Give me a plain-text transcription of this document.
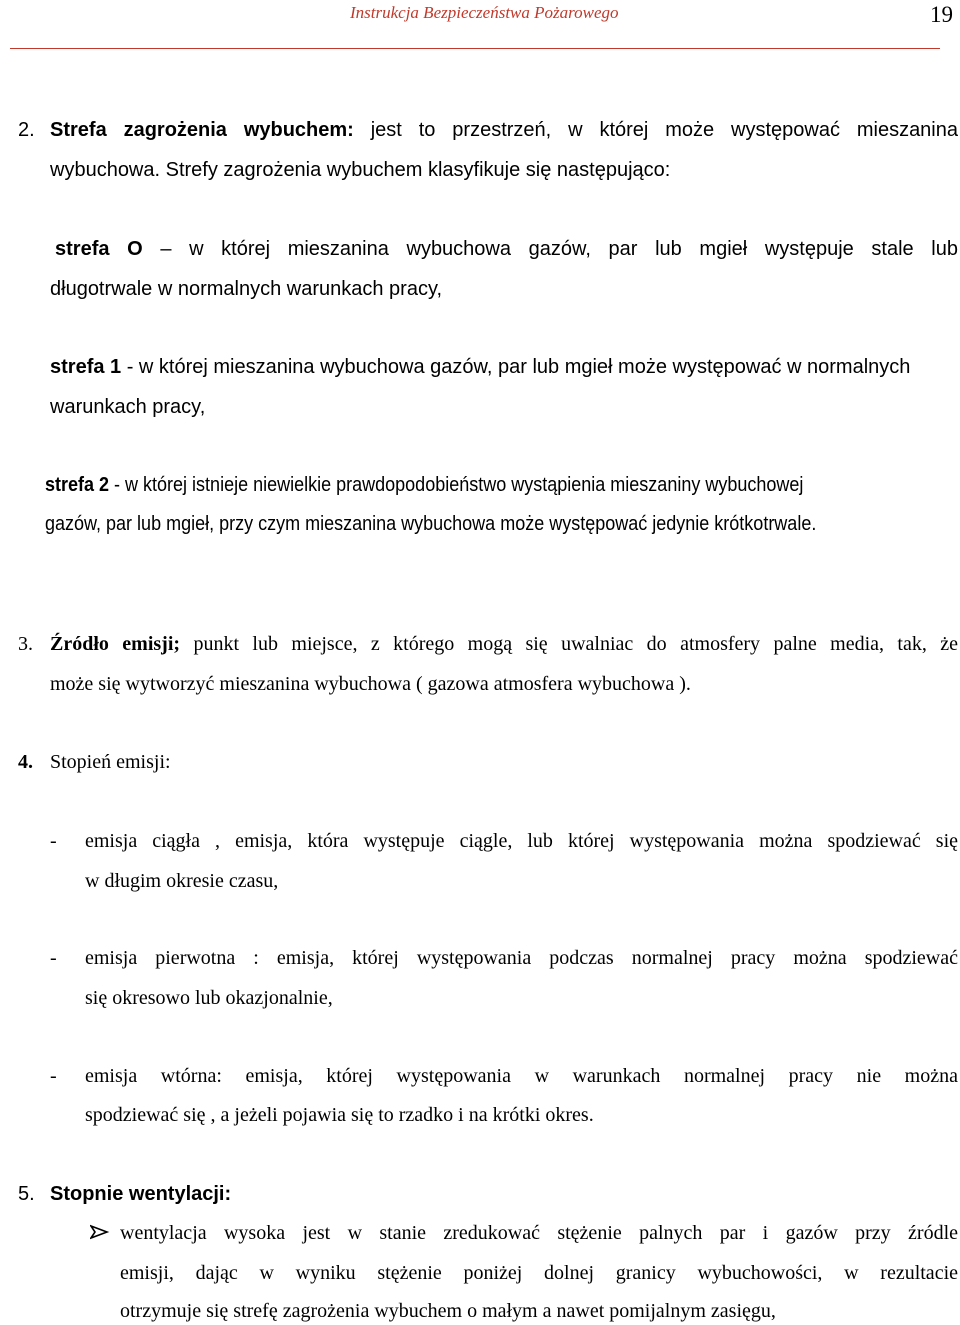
Instrukcja Bezpieczeństwa Pożarowego	19
2. Strefa zagrożenia wybuchem: jest to przestrzeń, w której może występować mieszanina
wybuchowa. Strefy zagrożenia wybuchem klasyfikuje się następująco:
strefa O – w której mieszanina wybuchowa gazów, par lub mgieł występuje stale lub
długotrwale w normalnych warunkach pracy,
strefa 1 - w której mieszanina wybuchowa gazów, par lub mgieł może występować w normalnych
warunkach pracy,
strefa 2 - w której istnieje niewielkie prawdopodobieństwo wystąpienia mieszaniny wybuchowej
gazów, par lub mgieł, przy czym mieszanina wybuchowa może występować jedynie krótkotrwale.
3. Źródło emisji; punkt lub miejsce, z którego mogą się uwalniac do atmosfery palne media, tak, że
może się wytworzyć mieszanina wybuchowa ( gazowa atmosfera wybuchowa ).
4. Stopień emisji:
- emisja ciągła , emisja, która występuje ciągle, lub której występowania można spodziewać się
w długim okresie czasu,
- emisja pierwotna : emisja, której występowania podczas normalnej pracy można spodziewać
się okresowo lub okazjonalnie,
- emisja wtórna: emisja, której występowania w warunkach normalnej pracy nie można
spodziewać się , a jeżeli pojawia się to rzadko i na krótki okres.
5. Stopnie wentylacji:
wentylacja wysoka jest w stanie zredukować stężenie palnych par i gazów przy źródle
emisji, dając w wyniku stężenie poniżej dolnej granicy wybuchowości, w rezultacie
otrzymuje się strefę zagrożenia wybuchem o małym a nawet pomijalnym zasięgu,
